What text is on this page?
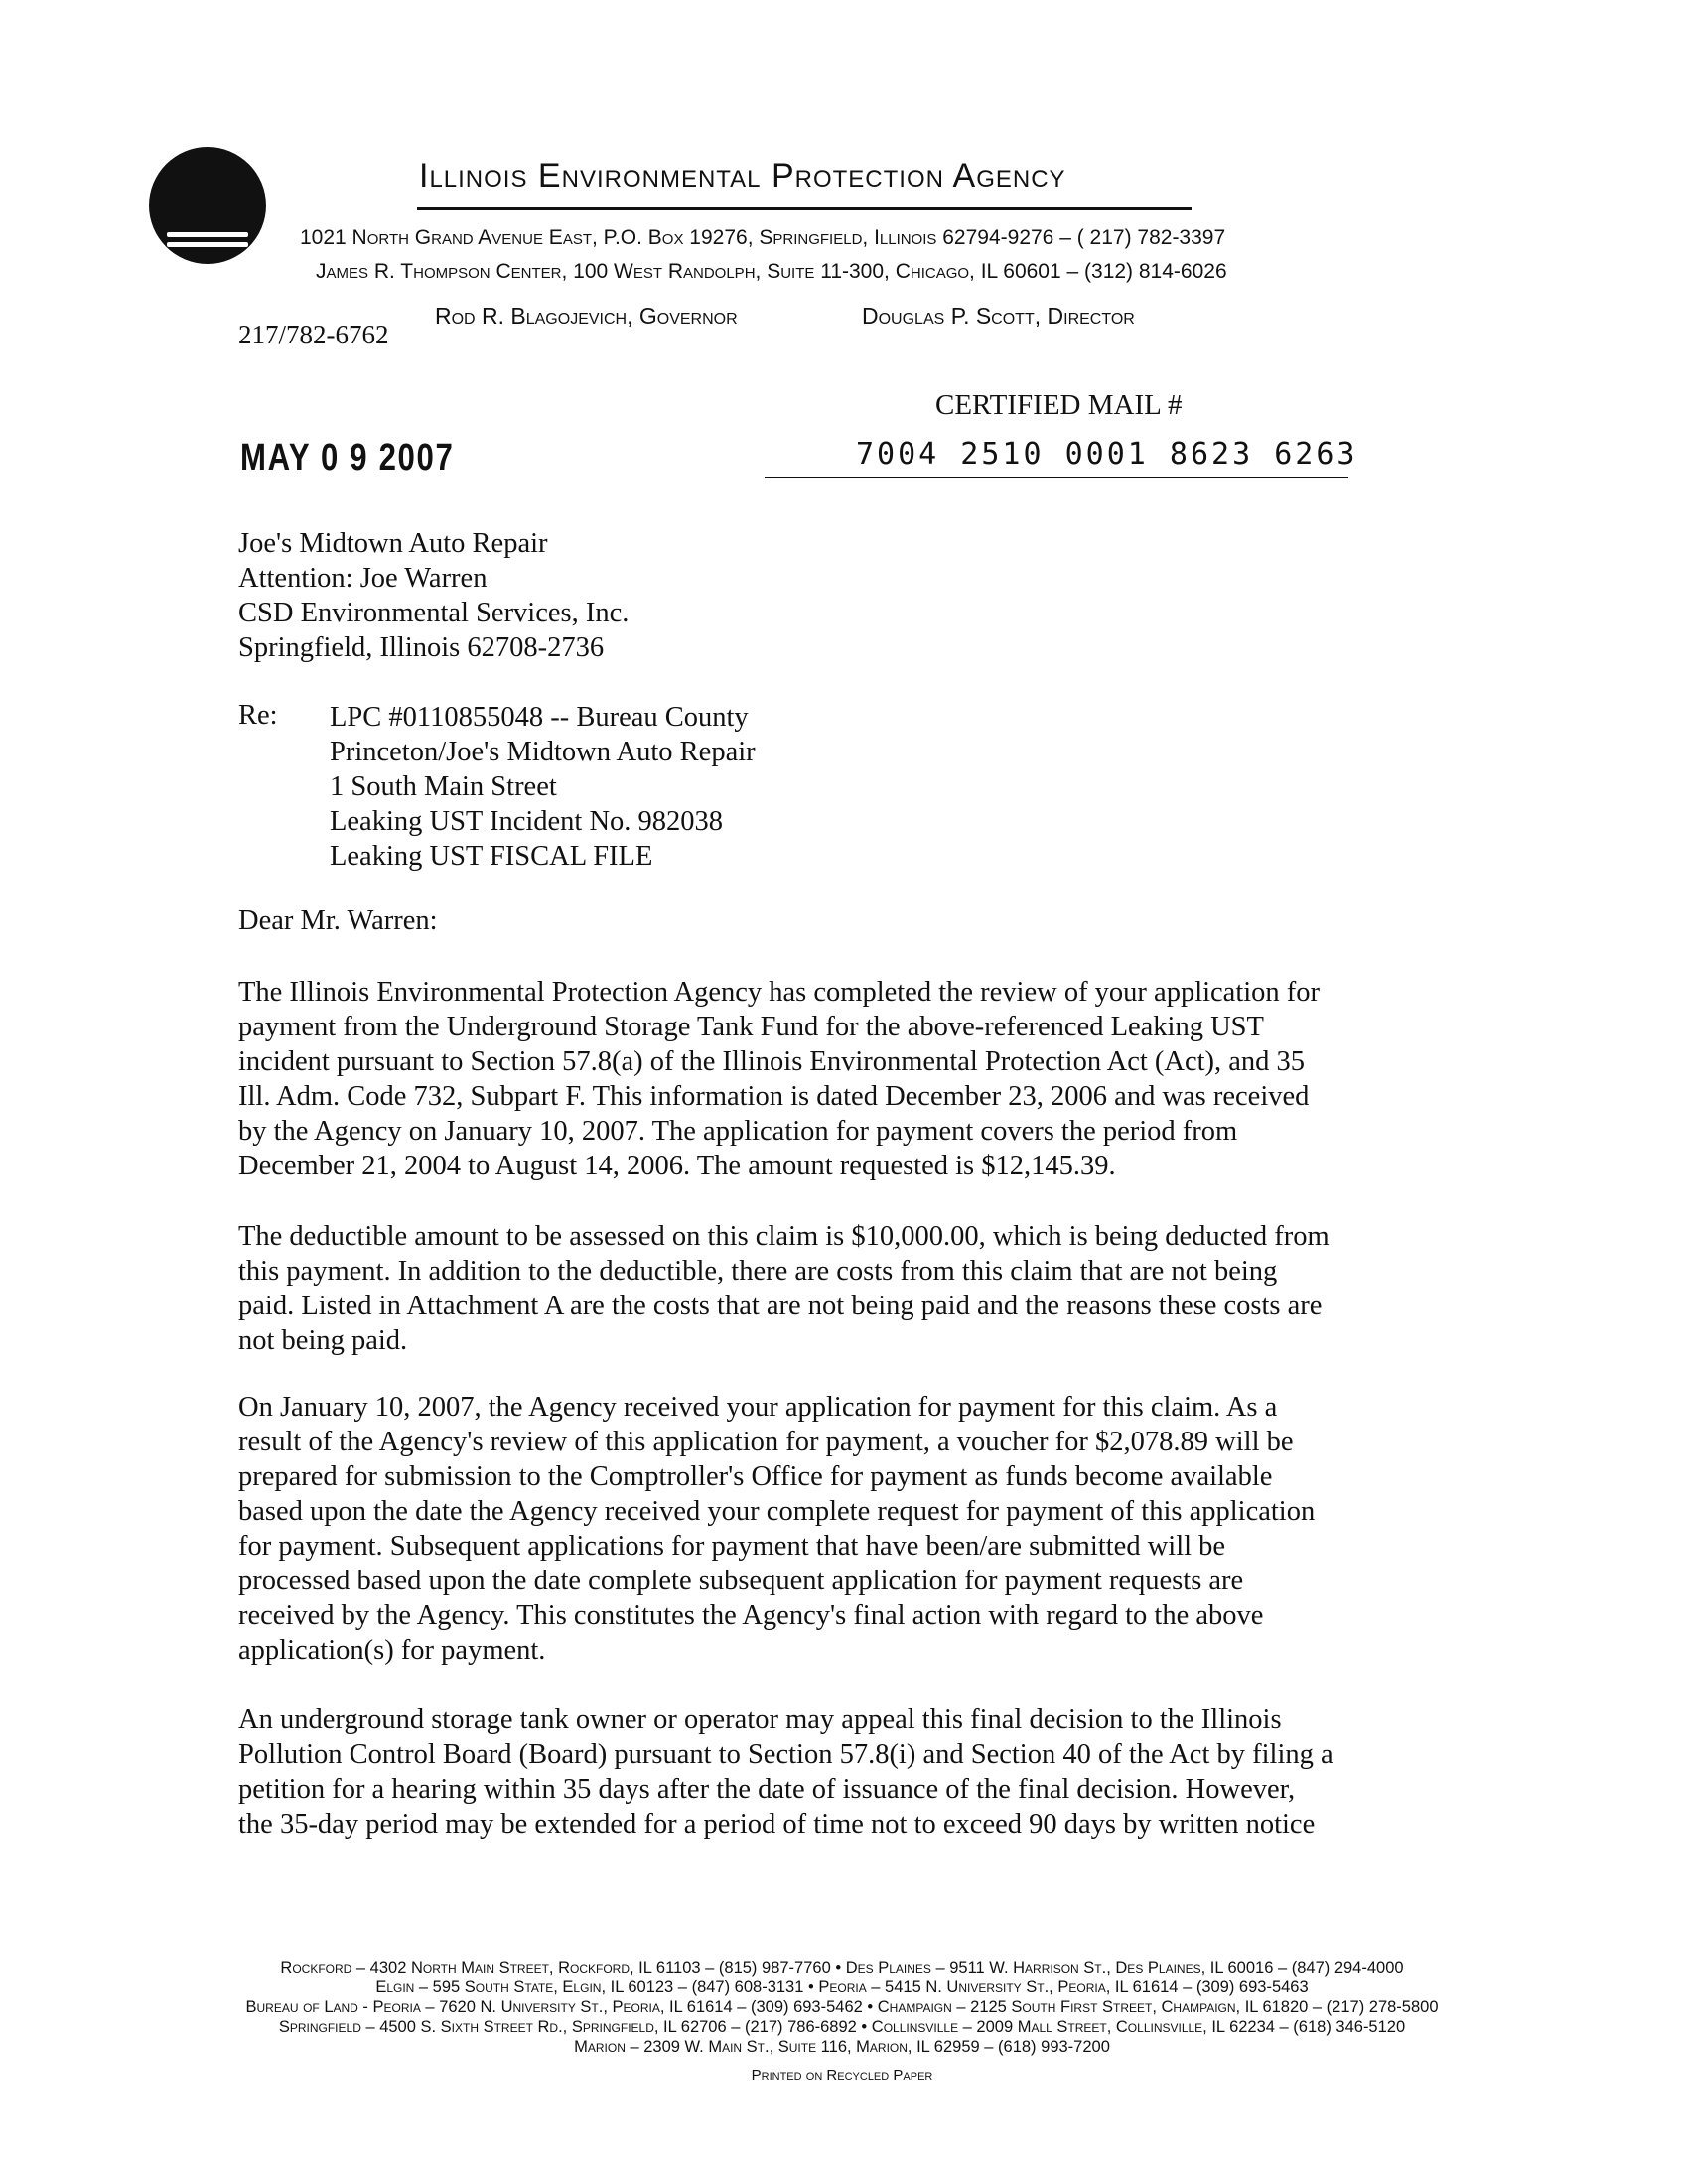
Illinois Environmental Protection Agency
1021 North Grand Avenue East, P.O. Box 19276, Springfield, Illinois 62794-9276 – ( 217) 782-3397
James R. Thompson Center, 100 West Randolph, Suite 11-300, Chicago, IL 60601 – (312) 814-6026
217/782-6762
Rod R. Blagojevich, Governor	Douglas P. Scott, Director
CERTIFIED MAIL #
MAY 0 9 2007	7004 2510 0001 8623 6263
Joe's Midtown Auto Repair
Attention: Joe Warren
CSD Environmental Services, Inc.
Springfield, Illinois 62708-2736
Re: LPC #0110855048 -- Bureau County
Princeton/Joe's Midtown Auto Repair
1 South Main Street
Leaking UST Incident No. 982038
Leaking UST FISCAL FILE
Dear Mr. Warren:
The Illinois Environmental Protection Agency has completed the review of your application for
payment from the Underground Storage Tank Fund for the above-referenced Leaking UST
incident pursuant to Section 57.8(a) of the Illinois Environmental Protection Act (Act), and 35
Ill. Adm. Code 732, Subpart F. This information is dated December 23, 2006 and was received
by the Agency on January 10, 2007. The application for payment covers the period from
December 21, 2004 to August 14, 2006. The amount requested is $12,145.39.
The deductible amount to be assessed on this claim is $10,000.00, which is being deducted from
this payment. In addition to the deductible, there are costs from this claim that are not being
paid. Listed in Attachment A are the costs that are not being paid and the reasons these costs are
not being paid.
On January 10, 2007, the Agency received your application for payment for this claim. As a
result of the Agency's review of this application for payment, a voucher for $2,078.89 will be
prepared for submission to the Comptroller's Office for payment as funds become available
based upon the date the Agency received your complete request for payment of this application
for payment. Subsequent applications for payment that have been/are submitted will be
processed based upon the date complete subsequent application for payment requests are
received by the Agency. This constitutes the Agency's final action with regard to the above
application(s) for payment.
An underground storage tank owner or operator may appeal this final decision to the Illinois
Pollution Control Board (Board) pursuant to Section 57.8(i) and Section 40 of the Act by filing a
petition for a hearing within 35 days after the date of issuance of the final decision. However,
the 35-day period may be extended for a period of time not to exceed 90 days by written notice
Rockford – 4302 North Main Street, Rockford, IL 61103 – (815) 987-7760 • Des Plaines – 9511 W. Harrison St., Des Plaines, IL 60016 – (847) 294-4000
Elgin – 595 South State, Elgin, IL 60123 – (847) 608-3131 • Peoria – 5415 N. University St., Peoria, IL 61614 – (309) 693-5463
Bureau of Land - Peoria – 7620 N. University St., Peoria, IL 61614 – (309) 693-5462 • Champaign – 2125 South First Street, Champaign, IL 61820 – (217) 278-5800
Springfield – 4500 S. Sixth Street Rd., Springfield, IL 62706 – (217) 786-6892 • Collinsville – 2009 Mall Street, Collinsville, IL 62234 – (618) 346-5120
Marion – 2309 W. Main St., Suite 116, Marion, IL 62959 – (618) 993-7200
Printed on Recycled Paper
